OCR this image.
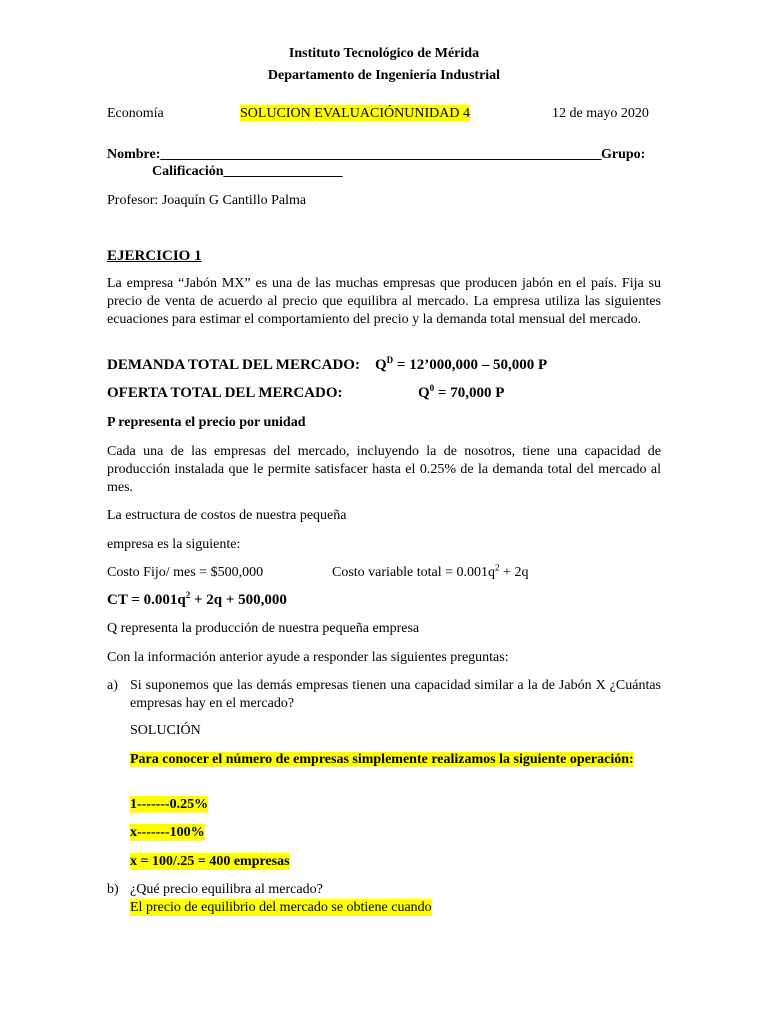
Instituto Tecnológico de Mérida
Departamento de Ingeniería Industrial
Economía	SOLUCION EVALUACIÓNUNIDAD 4	12 de mayo 2020
Nombre:_______________________________________________________________ Grupo:
Calificación_________________
Profesor: Joaquín G Cantillo Palma
EJERCICIO 1
La empresa “Jabón MX” es una de las muchas empresas que producen jabón en el país. Fija su precio de venta de acuerdo al precio que equilibra al mercado. La empresa utiliza las siguientes ecuaciones para estimar el comportamiento del precio y la demanda total mensual del mercado.
DEMANDA TOTAL DEL MERCADO: $Q^D$ = 12’000,000 – 50,000 P
OFERTA TOTAL DEL MERCADO:	$Q^0 = 70,000$ P
P representa el precio por unidad
Cada una de las empresas del mercado, incluyendo la de nosotros, tiene una capacidad de producción instalada que le permite satisfacer hasta el 0.25% de la demanda total del mercado al mes.
La estructura de costos de nuestra pequeña
empresa es la siguiente:
Costo Fijo/ mes = $500,000	Costo variable total = $0.001q^2 + 2q$
CT = $0.001q^2 + 2q + 500,000$
Q representa la producción de nuestra pequeña empresa
Con la información anterior ayude a responder las siguientes preguntas:
a) Si suponemos que las demás empresas tienen una capacidad similar a la de Jabón X ¿Cuántas empresas hay en el mercado?
SOLUCIÓN
Para conocer el número de empresas simplemente realizamos la siguiente operación:
1-------0.25%
x-------100%
x = 100/.25 = 400 empresas
b) ¿Qué precio equilibra al mercado?
El precio de equilibrio del mercado se obtiene cuando
